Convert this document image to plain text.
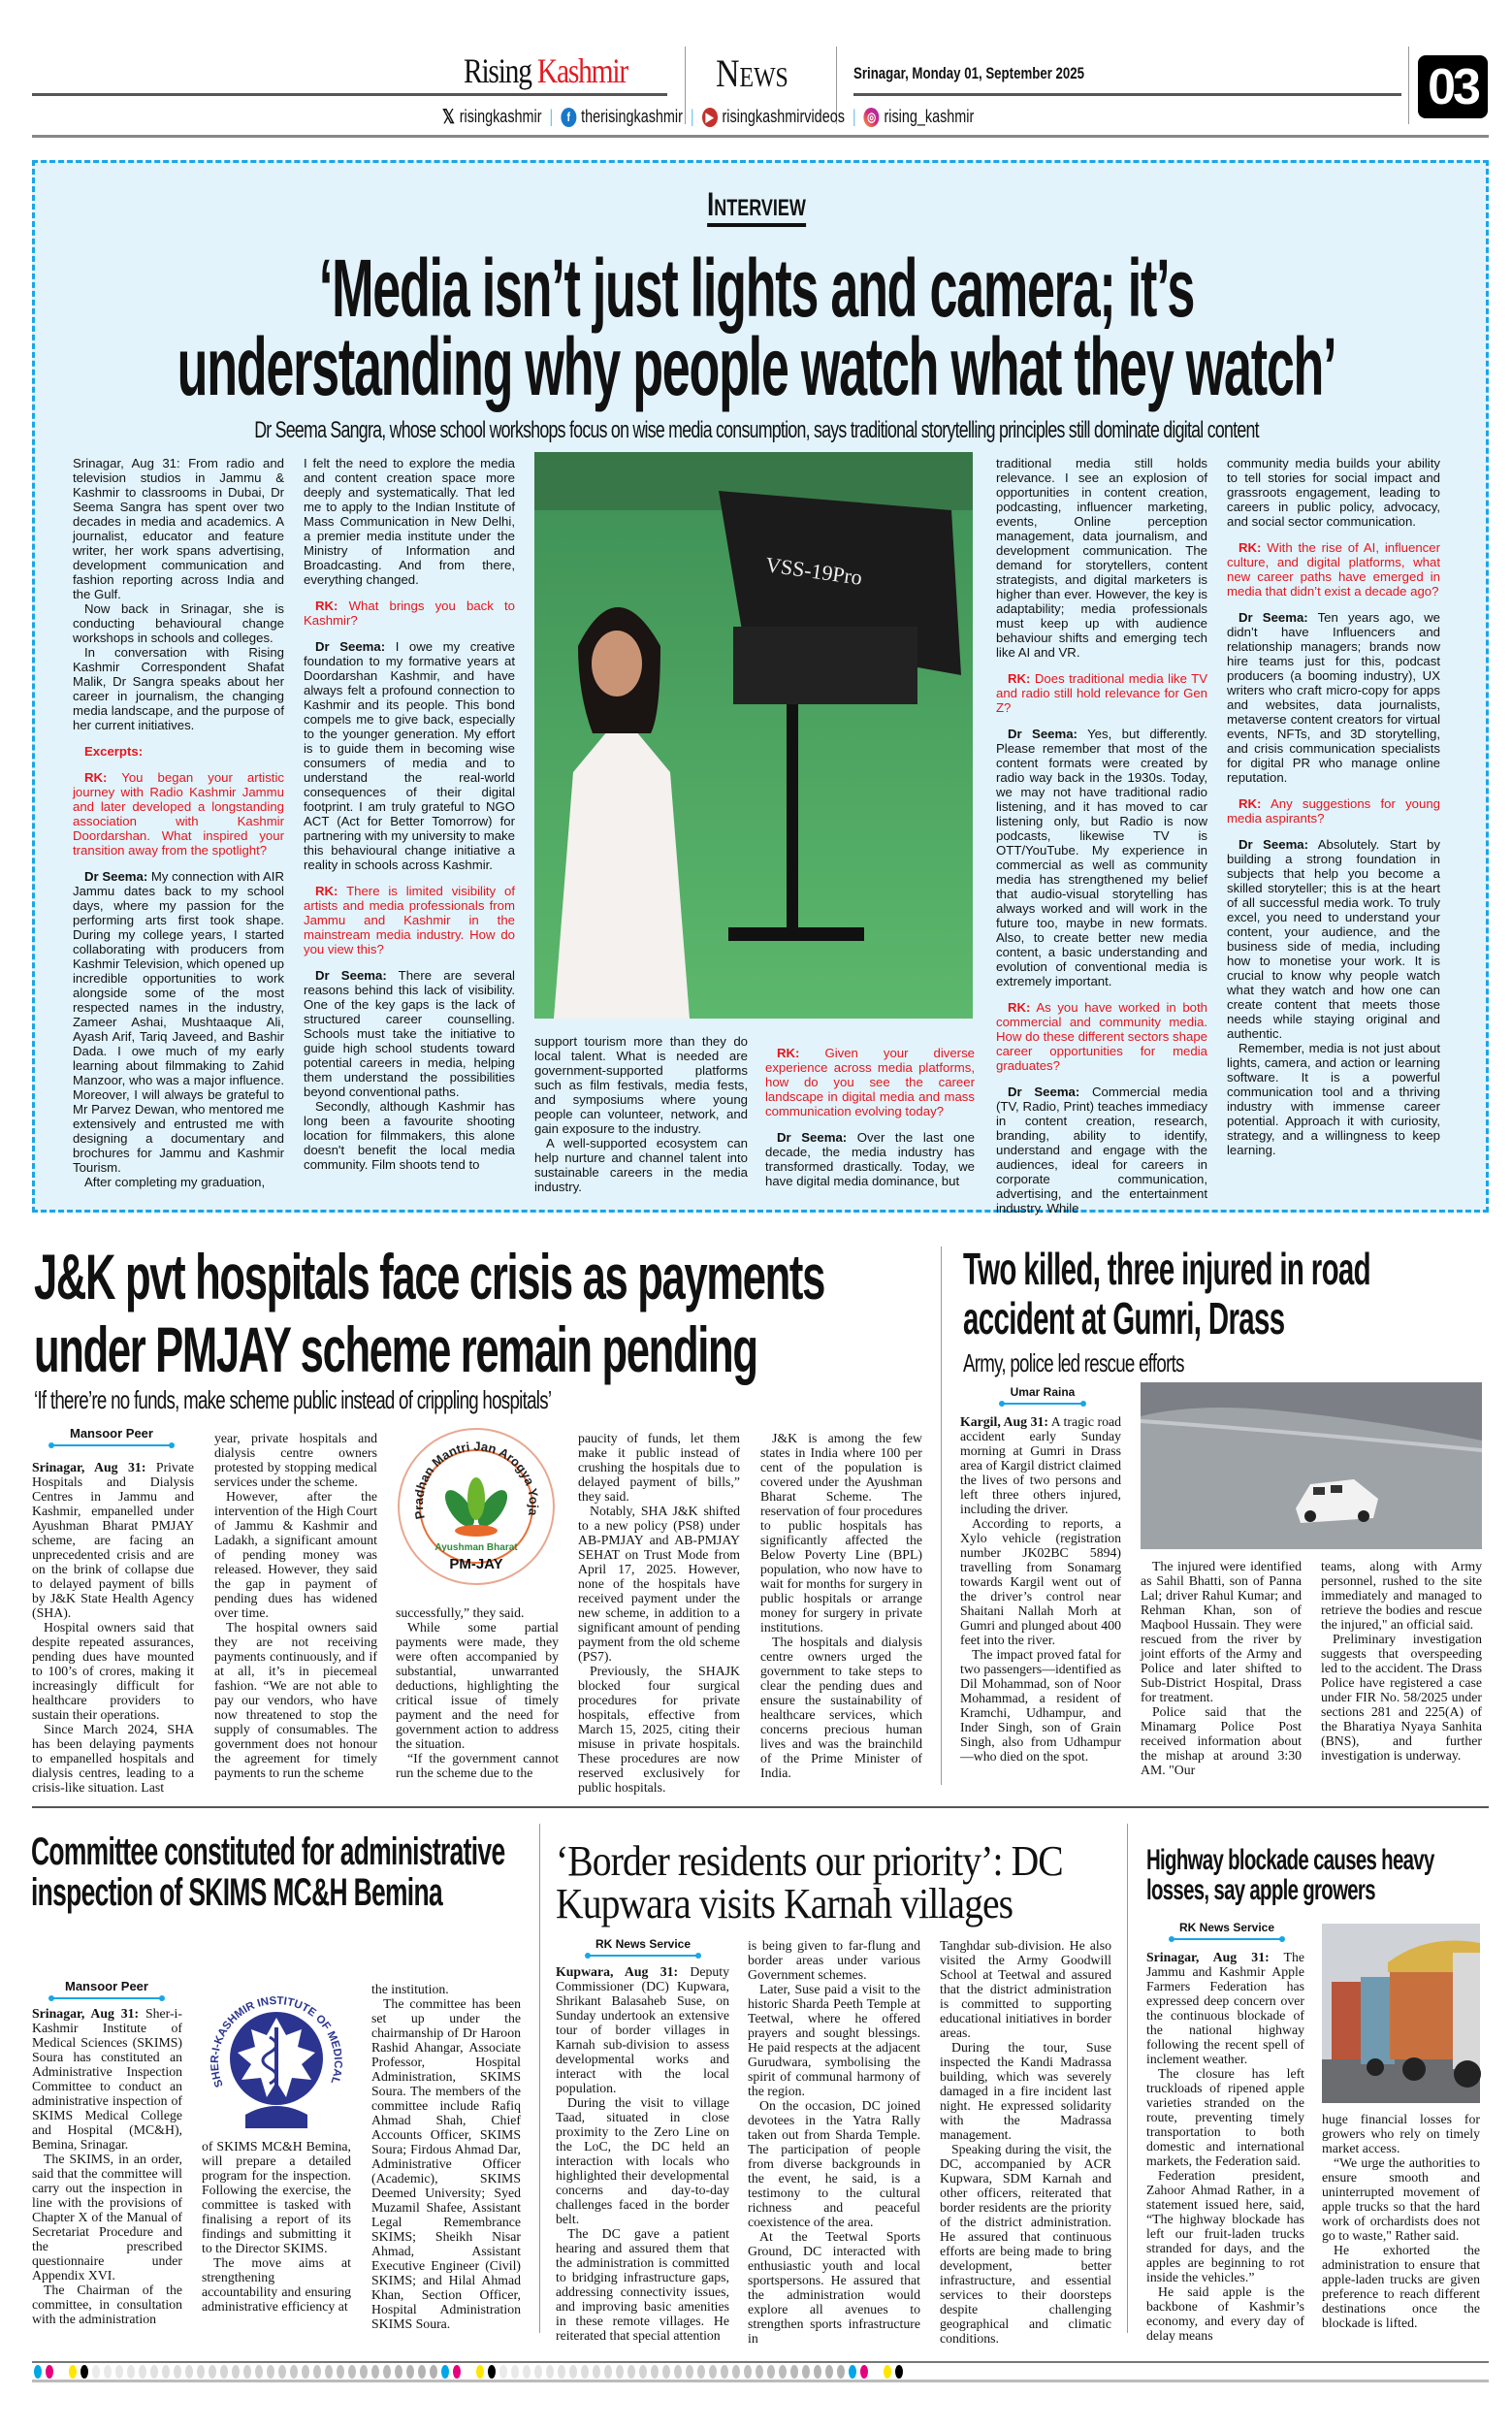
Rising Kashmir News	Srinagar, Monday 01, September 2025	03
𝕏 risingkashmir |	f therisingkashmir | ▶ risingkashmirvideos | ◎ rising_kashmir
Interview
‘Media isn’t just lights and camera; it’s
understanding why people watch what they watch’
Dr Seema Sangra, whose school workshops focus on wise media consumption, says traditional storytelling principles still dominate digital content

Srinagar, Aug 31: From radio and television studios in Jammu & Kashmir to classrooms in Dubai, Dr Seema Sangra has spent over two decades in media and academics. A journalist, educator and feature writer, her work spans advertising, development communication and fashion reporting across India and the Gulf.

Now back in Srinagar, she is conducting behavioural change workshops in schools and colleges.

In conversation with Rising Kashmir Correspondent Shafat Malik, Dr Sangra speaks about her career in journalism, the changing media landscape, and the purpose of her current initiatives.

Excerpts:

RK: You began your artistic journey with Radio Kashmir Jammu and later developed a longstanding association with Kashmir Doordarshan. What inspired your transition away from the spotlight?

Dr Seema: My connection with AIR Jammu dates back to my school days, where my passion for the performing arts first took shape. During my college years, I started collaborating with producers from Kashmir Television, which opened up incredible opportunities to work alongside some of the most respected names in the industry, Zameer Ashai, Mushtaaque Ali, Ayash Arif, Tariq Javeed, and Bashir Dada. I owe much of my early learning about filmmaking to Zahid Manzoor, who was a major influence. Moreover, I will always be grateful to Mr Parvez Dewan, who mentored me extensively and entrusted me with designing a documentary and brochures for Jammu and Kashmir Tourism.

After completing my graduation,

I felt the need to explore the media and content creation space more deeply and systematically. That led me to apply to the Indian Institute of Mass Communication in New Delhi, a premier media institute under the Ministry of Information and Broadcasting. And from there, everything changed.

RK: What brings you back to Kashmir?

Dr Seema: I owe my creative foundation to my formative years at Doordarshan Kashmir, and have always felt a profound connection to Kashmir and its people. This bond compels me to give back, especially to the younger generation. My effort is to guide them in becoming wise consumers of media and to understand the real-world consequences of their digital footprint. I am truly grateful to NGO ACT (Act for Better Tomorrow) for partnering with my university to make this behavioural change initiative a reality in schools across Kashmir.

RK: There is limited visibility of artists and media professionals from Jammu and Kashmir in the mainstream media industry. How do you view this?

Dr Seema: There are several reasons behind this lack of visibility. One of the key gaps is the lack of structured career counselling. Schools must take the initiative to guide high school students toward potential careers in media, helping them understand the possibilities beyond conventional paths.

Secondly, although Kashmir has long been a favourite shooting location for filmmakers, this alone doesn't benefit the local media community. Film shoots tend to

VSS-19Pro

support tourism more than they do local talent. What is needed are government-supported platforms such as film festivals, media fests, and symposiums where young people can volunteer, network, and gain exposure to the industry.

A well-supported ecosystem can help nurture and channel talent into sustainable careers in the media industry.

RK: Given your diverse experience across media platforms, how do you see the career landscape in digital media and mass communication evolving today?

Dr Seema: Over the last one decade, the media industry has transformed drastically. Today, we have digital media dominance, but

traditional media still holds relevance. I see an explosion of opportunities in content creation, podcasting, influencer marketing, events, Online perception management, data journalism, and development communication. The demand for storytellers, content strategists, and digital marketers is higher than ever. However, the key is adaptability; media professionals must keep up with audience behaviour shifts and emerging tech like AI and VR.

RK: Does traditional media like TV and radio still hold relevance for Gen Z?

Dr Seema: Yes, but differently. Please remember that most of the content formats were created by radio way back in the 1930s. Today, we may not have traditional radio listening, and it has moved to car listening only, but Radio is now podcasts, likewise TV is OTT/YouTube. My experience in commercial as well as community media has strengthened my belief that audio-visual storytelling has always worked and will work in the future too, maybe in new formats. Also, to create better new media content, a basic understanding and evolution of conventional media is extremely important.

RK: As you have worked in both commercial and community media. How do these different sectors shape career opportunities for media graduates?

Dr Seema: Commercial media (TV, Radio, Print) teaches immediacy in content creation, research, branding, ability to identify, understand and engage with the audiences, ideal for careers in corporate communication, advertising, and the entertainment industry. While

community media builds your ability to tell stories for social impact and grassroots engagement, leading to careers in public policy, advocacy, and social sector communication.

RK: With the rise of AI, influencer culture, and digital platforms, what new career paths have emerged in media that didn’t exist a decade ago?

Dr Seema: Ten years ago, we didn’t have Influencers and relationship managers; brands now hire teams just for this, podcast producers (a booming industry), UX writers who craft micro-copy for apps and websites, data journalists, metaverse content creators for virtual events, NFTs, and 3D storytelling, and crisis communication specialists for digital PR who manage online reputation.

RK: Any suggestions for young media aspirants?

Dr Seema: Absolutely. Start by building a strong foundation in subjects that help you become a skilled storyteller; this is at the heart of all successful media work. To truly excel, you need to understand your content, your audience, and the business side of media, including how to monetise your work. It is crucial to know why people watch what they watch and how one can create content that meets those needs while staying original and authentic.

Remember, media is not just about lights, camera, and action or learning software. It is a powerful communication tool and a thriving industry with immense career potential. Approach it with curiosity, strategy, and a willingness to keep learning.

J&K pvt hospitals face crisis as payments
under PMJAY scheme remain pending
‘If there’re no funds, make scheme public instead of crippling hospitals’
Mansoor Peer

Srinagar, Aug 31: Private Hospitals and Dialysis Centres in Jammu and Kashmir, empanelled under Ayushman Bharat PMJAY scheme, are facing an unprecedented crisis and are on the brink of collapse due to delayed payment of bills by J&K State Health Agency (SHA).

Hospital owners said that despite repeated assurances, pending dues have mounted to 100’s of crores, making it increasingly difficult for healthcare providers to sustain their operations.

Since March 2024, SHA has been delaying payments to empanelled hospitals and dialysis centres, leading to a crisis-like situation. Last

year, private hospitals and dialysis centre owners protested by stopping medical services under the scheme.

However, after the intervention of the High Court of Jammu & Kashmir and Ladakh, a significant amount of pending money was released. However, they said the gap in payment of pending dues has widened over time.

The hospital owners said they are not receiving payments continuously, and if at all, it’s in piecemeal fashion. “We are not able to pay our vendors, who have now threatened to stop the supply of consumables. The government does not honour the agreement for timely payments to run the scheme

Pradhan Mantri Jan Arogya Yoja
Ayushman Bharat
PM-JAY

successfully,” they said.

While some partial payments were made, they were often accompanied by substantial, unwarranted deductions, highlighting the critical issue of timely payment and the need for government action to address the situation.

“If the government cannot run the scheme due to the

paucity of funds, let them make it public instead of crushing the hospitals due to delayed payment of bills,” they said.

Notably, SHA J&K shifted to a new policy (PS8) under AB-PMJAY and AB-PMJAY SEHAT on Trust Mode from April 17, 2025. However, none of the hospitals have received payment under the new scheme, in addition to a significant amount of pending payment from the old scheme (PS7).

Previously, the SHAJK blocked four surgical procedures for private hospitals, effective from March 15, 2025, citing their misuse in private hospitals. These procedures are now reserved exclusively for public hospitals.

J&K is among the few states in India where 100 per cent of the population is covered under the Ayushman Bharat Scheme. The reservation of four procedures to public hospitals has significantly affected the Below Poverty Line (BPL) population, who now have to wait for months for surgery in public hospitals or arrange money for surgery in private institutions.

The hospitals and dialysis centre owners urged the government to take steps to clear the pending dues and ensure the sustainability of healthcare services, which concerns precious human lives and was the brainchild of the Prime Minister of India.

Two killed, three injured in road
accident at Gumri, Drass
Army, police led rescue efforts
Umar Raina

Kargil, Aug 31: A tragic road accident early Sunday morning at Gumri in Drass area of Kargil district claimed the lives of two persons and left three others injured, including the driver.

According to reports, a Xylo vehicle (registration number JK02BC 5894) travelling from Sonamarg towards Kargil went out of the driver’s control near Shaitani Nallah Morh at Gumri and plunged about 400 feet into the river.

The impact proved fatal for two passengers—identified as Dil Mohammad, son of Noor Mohammad, a resident of Kramchi, Udhampur, and Inder Singh, son of Grain Singh, also from Udhampur—who died on the spot.

The injured were identified as Sahil Bhatti, son of Panna Lal; driver Rahul Kumar; and Rehman Khan, son of Maqbool Hussain. They were rescued from the river by joint efforts of the Army and Police and later shifted to Sub-District Hospital, Drass for treatment.

Police said that the Minamarg Police Post received information about the mishap at around 3:30 AM. "Our

teams, along with Army personnel, rushed to the site immediately and managed to retrieve the bodies and rescue the injured," an official said.

Preliminary investigation suggests that overspeeding led to the accident. The Drass Police have registered a case under FIR No. 58/2025 under sections 281 and 225(A) of the Bharatiya Nyaya Sanhita (BNS), and further investigation is underway.

Committee constituted for administrative inspection of SKIMS MC&H Bemina
Mansoor Peer

Srinagar, Aug 31: Sher-i-Kashmir Institute of Medical Sciences (SKIMS) Soura has constituted an Administrative Inspection Committee to conduct an administrative inspection of SKIMS Medical College and Hospital (MC&H), Bemina, Srinagar.

The SKIMS, in an order, said that the committee will carry out the inspection in line with the provisions of Chapter X of the Manual of Secretariat Procedure and the prescribed questionnaire under Appendix XVI.

The Chairman of the committee, in consultation with the administration

SHER-I-KASHMIR INSTITUTE OF MEDICAL

of SKIMS MC&H Bemina, will prepare a detailed program for the inspection. Following the exercise, the committee is tasked with finalising a report of its findings and submitting it to the Director SKIMS.

The move aims at strengthening accountability and ensuring administrative efficiency at

the institution.

The committee has been set up under the chairmanship of Dr Haroon Rashid Ahangar, Associate Professor, Hospital Administration, SKIMS Soura. The members of the committee include Rafiq Ahmad Shah, Chief Accounts Officer, SKIMS Soura; Firdous Ahmad Dar, Administrative Officer (Academic), SKIMS Deemed University; Syed Muzamil Shafee, Assistant Legal Remembrance SKIMS; Sheikh Nisar Ahmad, Assistant Executive Engineer (Civil) SKIMS; and Hilal Ahmad Khan, Section Officer, Hospital Administration SKIMS Soura.

‘Border residents our priority’: DC
Kupwara visits Karnah villages
RK News Service

Kupwara, Aug 31: Deputy Commissioner (DC) Kupwara, Shrikant Balasaheb Suse, on Sunday undertook an extensive tour of border villages in Karnah sub-division to assess developmental works and interact with the local population.

During the visit to village Taad, situated in close proximity to the Zero Line on the LoC, the DC held an interaction with locals who highlighted their developmental concerns and day-to-day challenges faced in the border belt.

The DC gave a patient hearing and assured them that the administration is committed to bridging infrastructure gaps, addressing connectivity issues, and improving basic amenities in these remote villages. He reiterated that special attention

is being given to far-flung and border areas under various Government schemes.

Later, Suse paid a visit to the historic Sharda Peeth Temple at Teetwal, where he offered prayers and sought blessings. He paid respects at the adjacent Gurudwara, symbolising the spirit of communal harmony of the region.

On the occasion, DC joined devotees in the Yatra Rally taken out from Sharda Temple. The participation of people from diverse backgrounds in the event, he said, is a testimony to the cultural richness and peaceful coexistence of the area.

At the Teetwal Sports Ground, DC interacted with enthusiastic youth and local sportspersons. He assured that the administration would explore all avenues to strengthen sports infrastructure in

Tanghdar sub-division. He also visited the Army Goodwill School at Teetwal and assured that the district administration is committed to supporting educational initiatives in border areas.

During the tour, Suse inspected the Kandi Madrassa building, which was severely damaged in a fire incident last night. He expressed solidarity with the Madrassa management.

Speaking during the visit, the DC, accompanied by ACR Kupwara, SDM Karnah and other officers, reiterated that border residents are the priority of the district administration. He assured that continuous efforts are being made to bring development, better infrastructure, and essential services to their doorsteps despite challenging geographical and climatic conditions.

Highway blockade causes heavy
losses, say apple growers
RK News Service

Srinagar, Aug 31: The Jammu and Kashmir Apple Farmers Federation has expressed deep concern over the continuous blockade of the national highway following the recent spell of inclement weather.

The closure has left truckloads of ripened apple varieties stranded on the route, preventing timely transportation to both domestic and international markets, the Federation said.

Federation president, Zahoor Ahmad Rather, in a statement issued here, said, “The highway blockade has left our fruit-laden trucks stranded for days, and the apples are beginning to rot inside the vehicles.”

He said apple is the backbone of Kashmir’s economy, and every day of delay means

huge financial losses for growers who rely on timely market access.

“We urge the authorities to ensure smooth and uninterrupted movement of apple trucks so that the hard work of orchardists does not go to waste," Rather said.

He exhorted the administration to ensure that apple-laden trucks are given preference to reach different destinations once the blockade is lifted.
